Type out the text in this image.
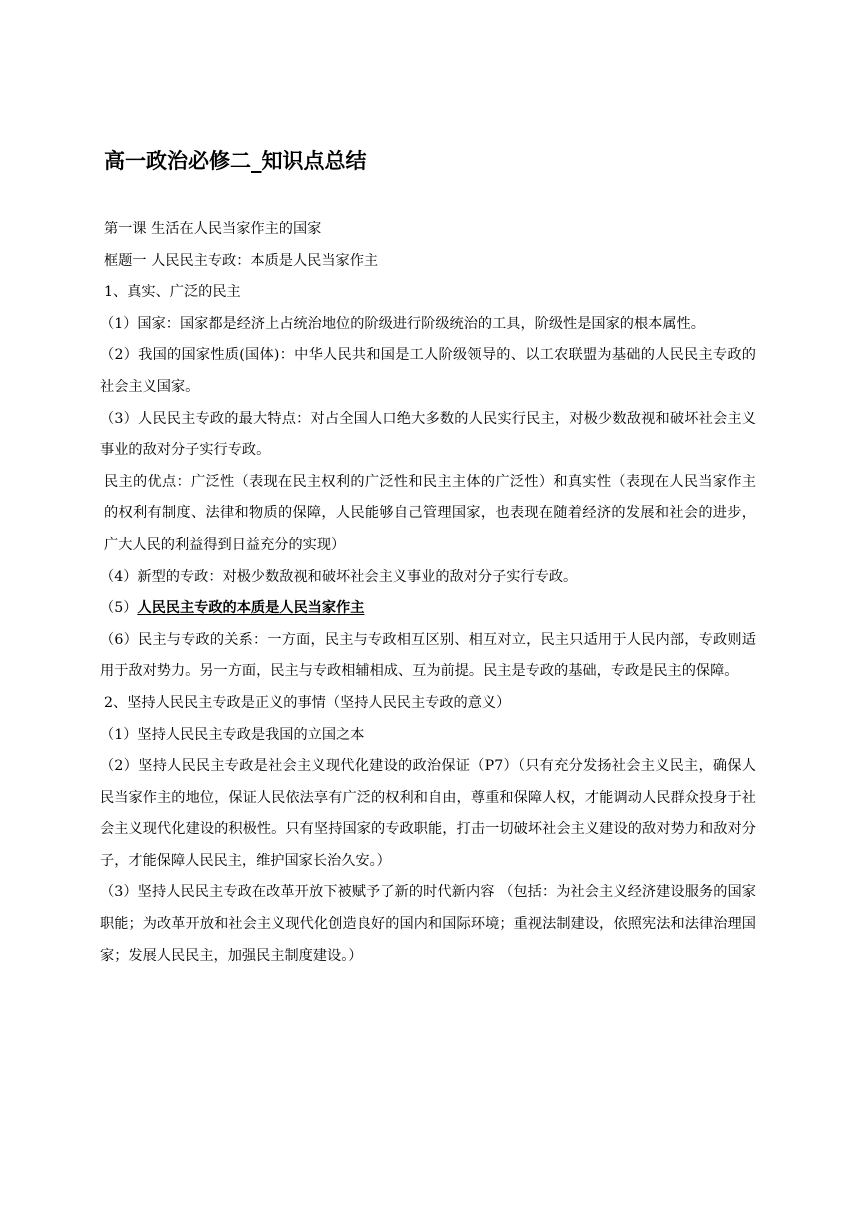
高一政治必修二_知识点总结

第一课 生活在人民当家作主的国家

框题一 人民民主专政：本质是人民当家作主

1、真实、广泛的民主

（1）国家：国家都是经济上占统治地位的阶级进行阶级统治的工具，阶级性是国家的根本属性。

（2）我国的国家性质(国体)：中华人民共和国是工人阶级领导的、以工农联盟为基础的人民民主专政的社会主义国家。

（3）人民民主专政的最大特点：对占全国人口绝大多数的人民实行民主，对极少数敌视和破坏社会主义事业的敌对分子实行专政。

民主的优点：广泛性（表现在民主权利的广泛性和民主主体的广泛性）和真实性（表现在人民当家作主的权利有制度、法律和物质的保障，人民能够自己管理国家，也表现在随着经济的发展和社会的进步，广大人民的利益得到日益充分的实现）

（4）新型的专政：对极少数敌视和破坏社会主义事业的敌对分子实行专政。

（5）人民民主专政的本质是人民当家作主

（6）民主与专政的关系：一方面，民主与专政相互区别、相互对立，民主只适用于人民内部，专政则适用于敌对势力。另一方面，民主与专政相辅相成、互为前提。民主是专政的基础，专政是民主的保障。

2、坚持人民民主专政是正义的事情（坚持人民民主专政的意义）

（1）坚持人民民主专政是我国的立国之本

（2）坚持人民民主专政是社会主义现代化建设的政治保证（P7）（只有充分发扬社会主义民主，确保人民当家作主的地位，保证人民依法享有广泛的权利和自由，尊重和保障人权，才能调动人民群众投身于社会主义现代化建设的积极性。只有坚持国家的专政职能，打击一切破坏社会主义建设的敌对势力和敌对分子，才能保障人民民主，维护国家长治久安。）

（3）坚持人民民主专政在改革开放下被赋予了新的时代新内容 （包括：为社会主义经济建设服务的国家职能；为改革开放和社会主义现代化创造良好的国内和国际环境；重视法制建设，依照宪法和法律治理国家；发展人民民主，加强民主制度建设。）
